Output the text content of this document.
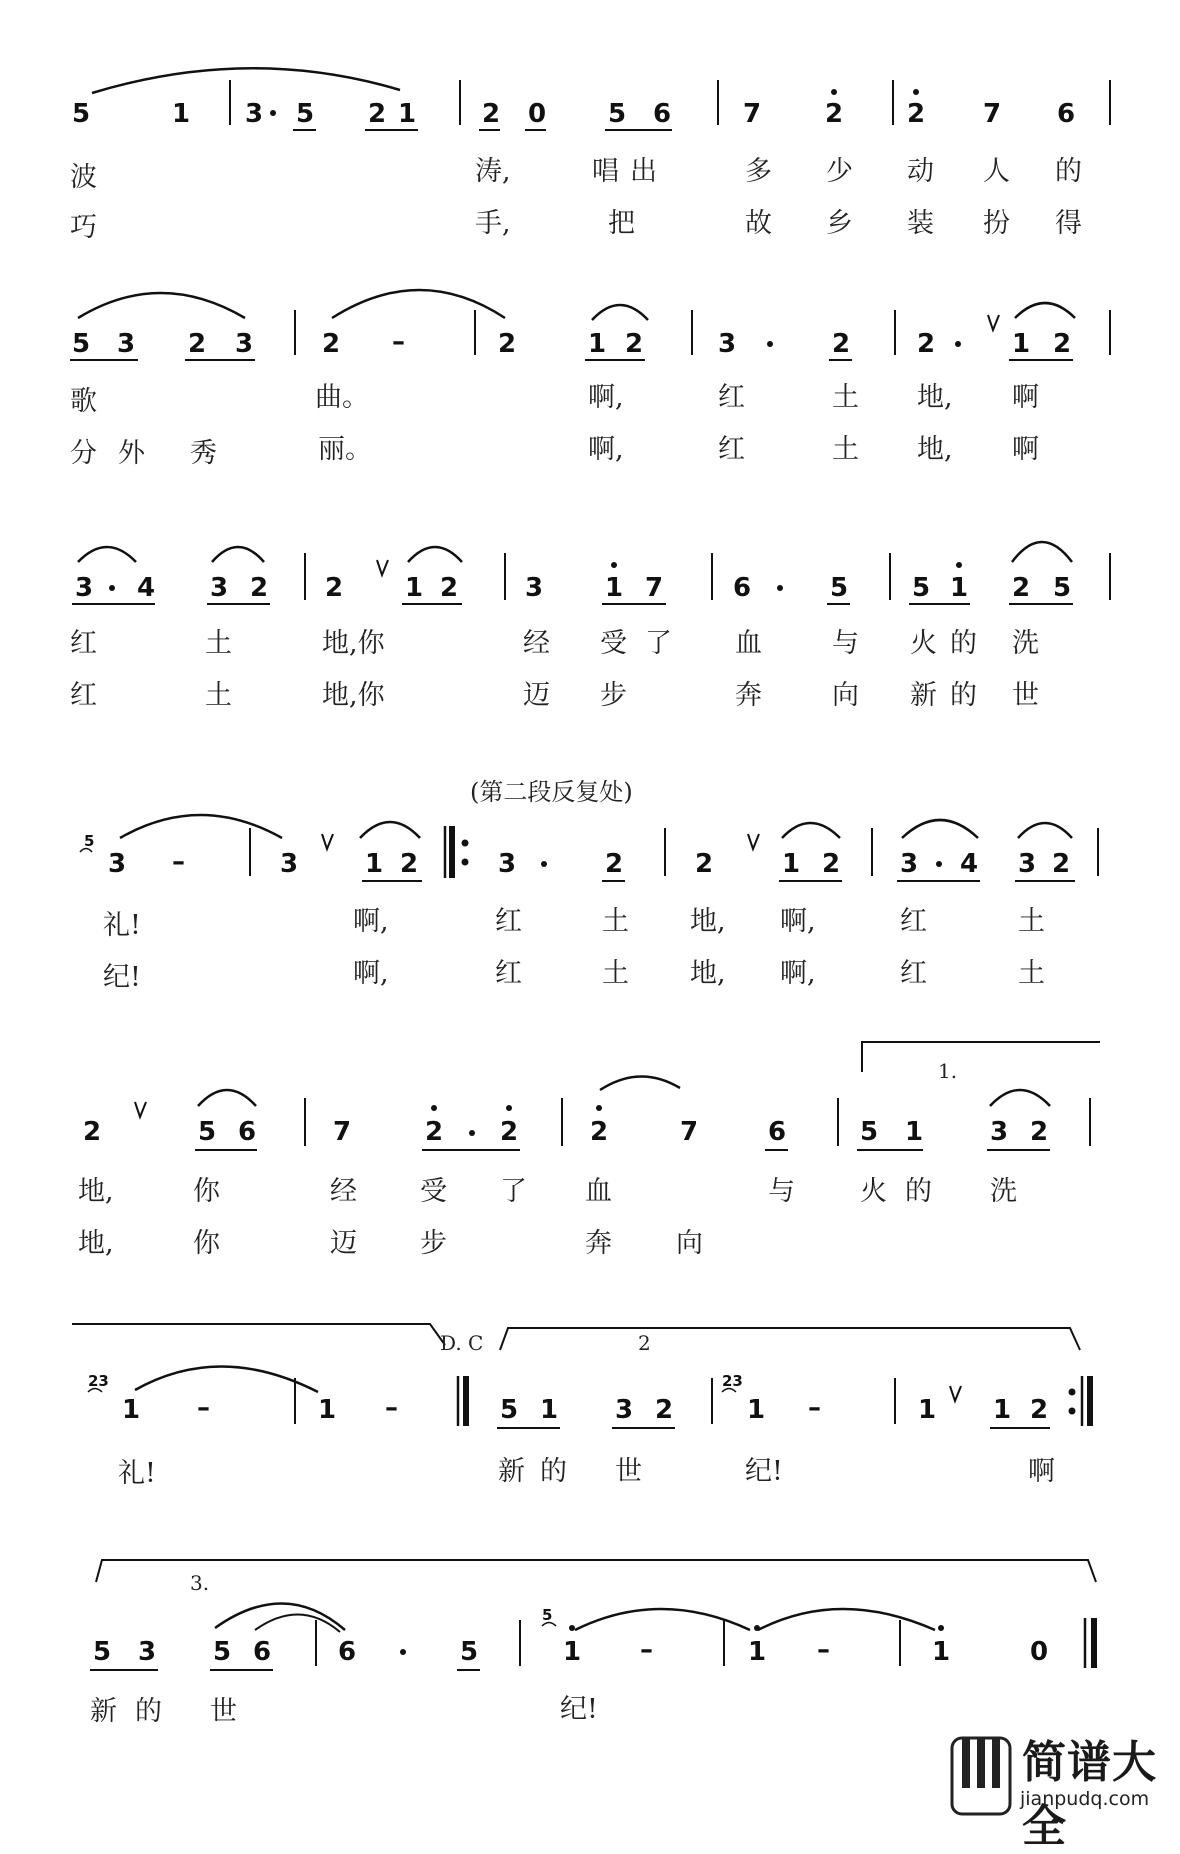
5	1 3 5 2 1	2 0 5 6	7 2 2 7 6
波	涛,	唱 出	多 少 动 人 的
巧	手,	把	故 乡 装 扮 得
5 3 2 3	2 –	2	1 2	3	2	2	1 2
歌	曲。	啊,	红	土 地, 啊
分 外 秀	丽。	啊,	红	土 地, 啊
3 4 3 2 2 1 2	3 1 7	6	5 5 1 2 5
红	土	地,你	经 受 了 血	与 火 的 洗
红	土	地,你	迈 步	奔	向 新 的 世
(第二段反复处)
5
3 –	3	1 2	3	2	2	1 2 3 4 3 2
礼!	啊,	红	土 地, 啊,	红	土
纪!	啊,	红	土 地, 啊,	红	土
1.
2	5 6	7	2 2	2	7	6	5 1	3 2
地,	你	经 受 了 血	与 火 的 洗
地,	你	迈 步	奔 向
D. C	2
23	23
1 –	1 –	5 1 3 2	1 –	1 1 2
礼!	新 的 世	纪!	啊
3.
5
5 3 5 6	6	5	1 –	1 –	1	0
新 的 世	纪!
简谱大全
jianpudq.com
